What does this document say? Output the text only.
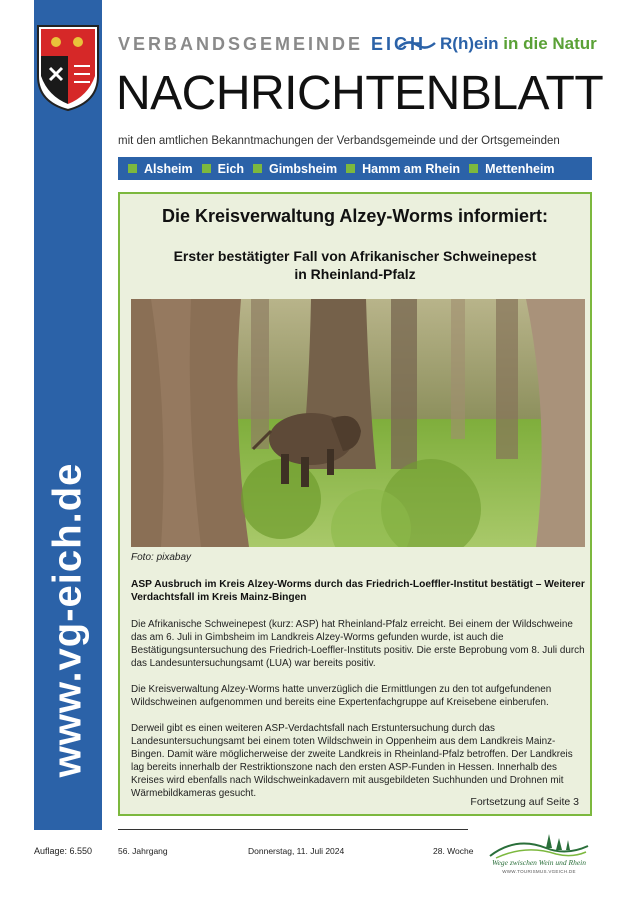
www.vg-eich.de
Auflage: 6.550
VERBANDSGEMEINDE EICH R(h)ein in die Natur
NACHRICHTENBLATT
mit den amtlichen Bekanntmachungen der Verbandsgemeinde und der Ortsgemeinden
Alsheim Eich Gimbsheim Hamm am Rhein Mettenheim
Die Kreisverwaltung Alzey-Worms informiert:
Erster bestätigter Fall von Afrikanischer Schweinepest
in Rheinland-Pfalz
Foto: pixabay
ASP Ausbruch im Kreis Alzey-Worms durch das Friedrich-Loeffler-Institut bestätigt – Weiterer Verdachtsfall im Kreis Mainz-Bingen
Die Afrikanische Schweinepest (kurz: ASP) hat Rheinland-Pfalz erreicht. Bei einem der Wildschweine das am 6. Juli in Gimbsheim im Landkreis Alzey-Worms gefunden wurde, ist auch die Bestätigungsuntersuchung des Friedrich-Loeffler-Instituts positiv. Die erste Beprobung vom 8. Juli durch das Landesuntersuchungsamt (LUA) war bereits positiv.
Die Kreisverwaltung Alzey-Worms hatte unverzüglich die Ermittlungen zu den tot aufgefundenen Wildschweinen aufgenommen und bereits eine Expertenfachgruppe auf Kreisebene einberufen.
Derweil gibt es einen weiteren ASP-Verdachtsfall nach Erstuntersuchung durch das Landesuntersuchungsamt bei einem toten Wildschwein in Oppenheim aus dem Landkreis Mainz-Bingen. Damit wäre möglicherweise der zweite Landkreis in Rheinland-Pfalz betroffen. Der Landkreis lag bereits innerhalb der Restriktionszone nach den ersten ASP-Funden in Hessen. Innerhalb des Kreises wird ebenfalls nach Wildschweinkadavern mit ausgebildeten Suchhunden und Drohnen mit Wärmebildkameras gesucht.
Fortsetzung auf Seite 3
56. Jahrgang	Donnerstag, 11. Juli 2024	28. Woche
Wege zwischen Wein und Rhein
WWW.TOURISMUS.VGEICH.DE
